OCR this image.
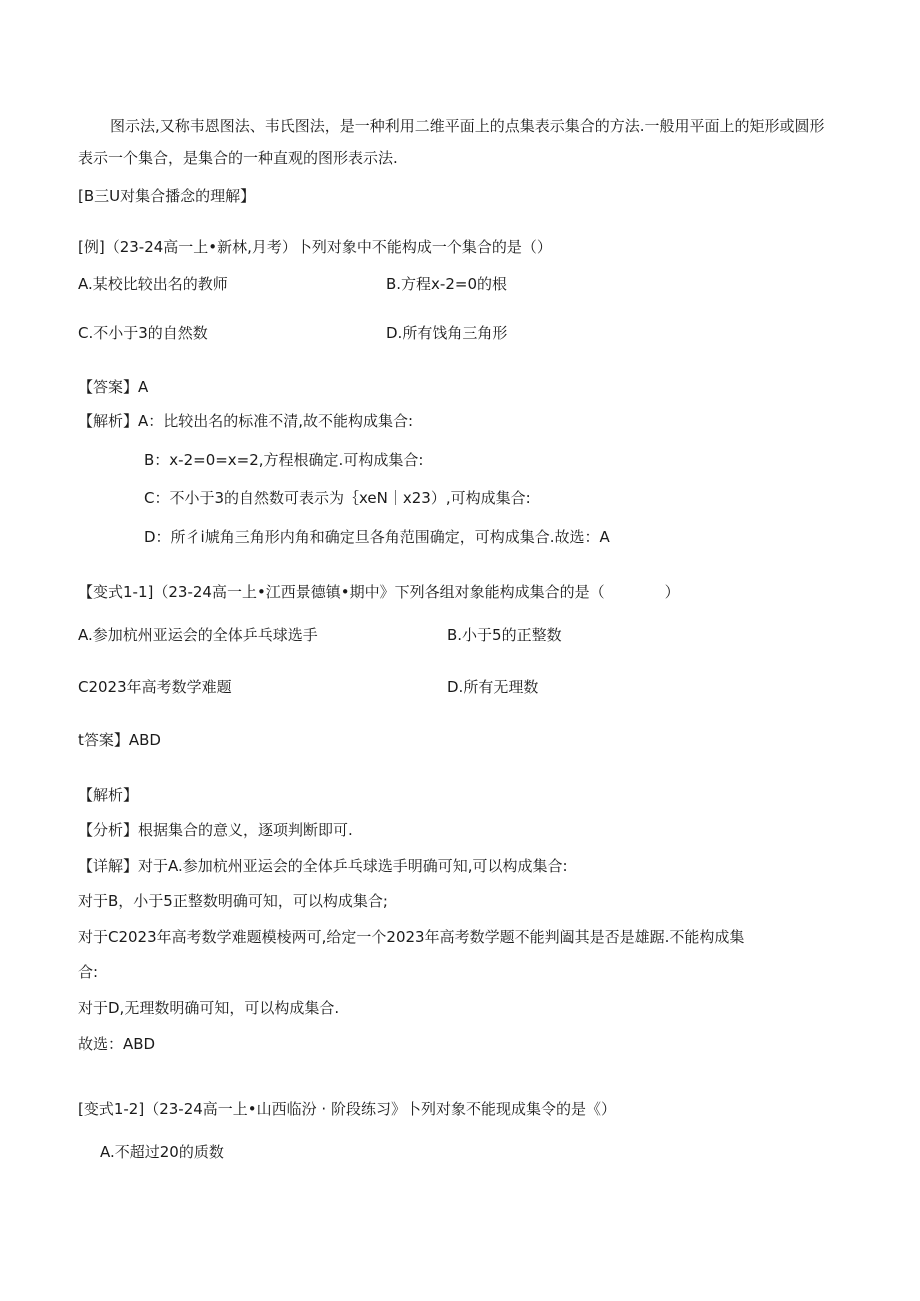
图示法,又称韦恩图法、韦氏图法，是一种利用二维平面上的点集表示集合的方法.一般用平面上的矩形或圆形
表示一个集合，是集合的一种直观的图形表示法.
[B三U对集合播念的理解】
[例]（23-24高一上•新林,月考）卜列对象中不能构成一个集合的是（）
A.某校比较出名的教师	B.方程x-2=0的根
C.不小于3的自然数	D.所有饯角三角形
【答案】A
【解析】A：比较出名的标准不清,故不能构成集合:
B：x-2=0=x=2,方程根确定.可构成集合:
C：不小于3的自然数可表示为｛xeN｜x23）,可构成集合:
D：所彳i虓角三角形内角和确定旦各角范围确定，可构成集合.故选：A
【变式1-1]（23-24高一上•江西景德镇•期中》下列各组对象能构成集合的是（　　　　）
A.参加杭州亚运会的全体乒乓球选手	B.小于5的正整数
C2023年高考数学难题	D.所有无理数
t答案】ABD
【解析】
【分析】根据集合的意义，逐项判断即可.
【详解】对于A.参加杭州亚运会的全体乒乓球选手明确可知,可以构成集合:
对于B，小于5正整数明确可知，可以构成集合;
对于C2023年高考数学难题模棱两可,给定一个2023年高考数学题不能判阖其是否是雄踞.不能构成集
合:
对于D,无理数明确可知，可以构成集合.
故选：ABD
[变式1-2]（23-24高一上•山西临汾 · 阶段练习》卜列对象不能现成集令的是《）
A.不超过20的质数
